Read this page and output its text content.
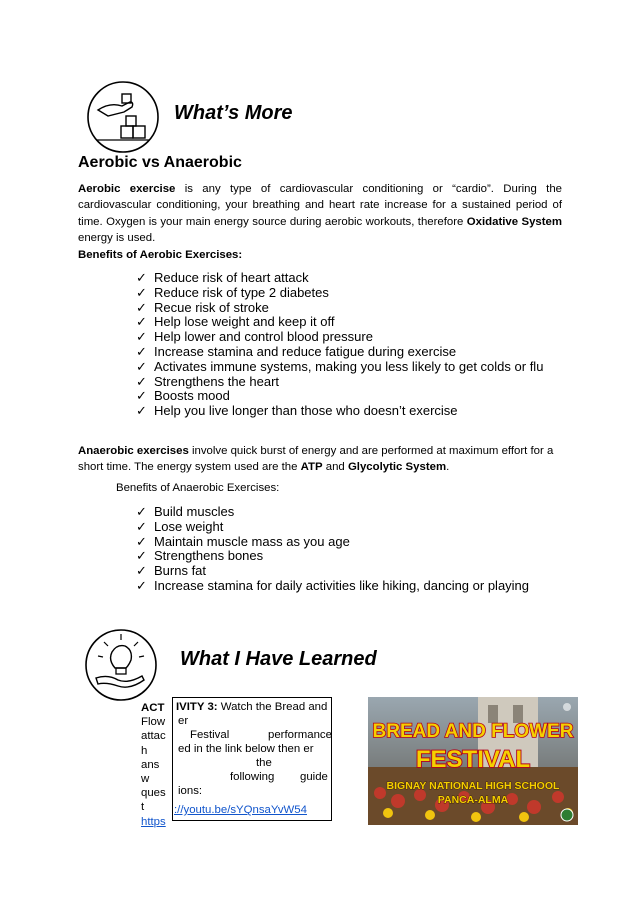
What’s More
Aerobic vs Anaerobic
Aerobic exercise is any type of cardiovascular conditioning or “cardio”. During the cardiovascular conditioning, your breathing and heart rate increase for a sustained period of time. Oxygen is your main energy source during aerobic workouts, therefore Oxidative System energy is used.
Benefits of Aerobic Exercises:
✓ Reduce risk of heart attack
✓ Reduce risk of type 2 diabetes
✓ Recue risk of stroke
✓ Help lose weight and keep it off
✓ Help lower and control blood pressure
✓ Increase stamina and reduce fatigue during exercise
✓ Activates immune systems, making you less likely to get colds or flu
✓ Strengthens the heart
✓ Boosts mood
✓ Help you live longer than those who doesn’t exercise
Anaerobic exercises involve quick burst of energy and are performed at maximum effort for a short time. The energy system used are the ATP and Glycolytic System.
Benefits of Anaerobic Exercises:
✓ Build muscles
✓ Lose weight
✓ Maintain muscle mass as you age
✓ Strengthens bones
✓ Burns fat
✓ Increase stamina for daily activities like hiking, dancing or playing
What I Have Learned
ACT
Flow
attac
h
ans
w
ques
t
https
IVITY 3: Watch the Bread and
er
Festival	performance
ed in the link below then er
the
following guide
ions:
://youtu.be/sYQnsaYvW54
BREAD AND FLOWER
FESTIVAL
BIGNAY NATIONAL HIGH SCHOOL
PANCA-ALMA
